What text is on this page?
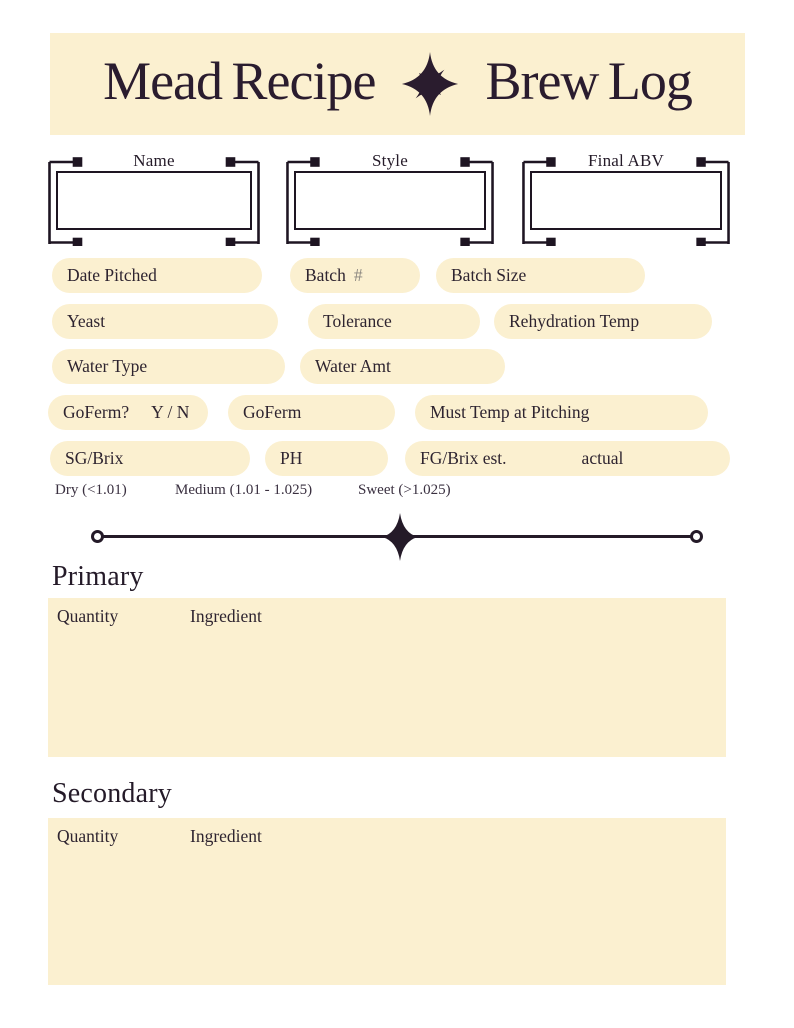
Mead Recipe Brew Log
Name	Style	Final ABV
Date Pitched	Batch #	Batch Size
Yeast	Tolerance	Rehydration Temp
Water Type	Water Amt
GoFerm? Y / N	GoFerm	Must Temp at Pitching
SG/Brix	PH	FG/Brix est.	actual
Dry (<1.01)	Medium (1.01 - 1.025)	Sweet (>1.025)
Primary
Quantity	Ingredient
Secondary
Quantity	Ingredient
